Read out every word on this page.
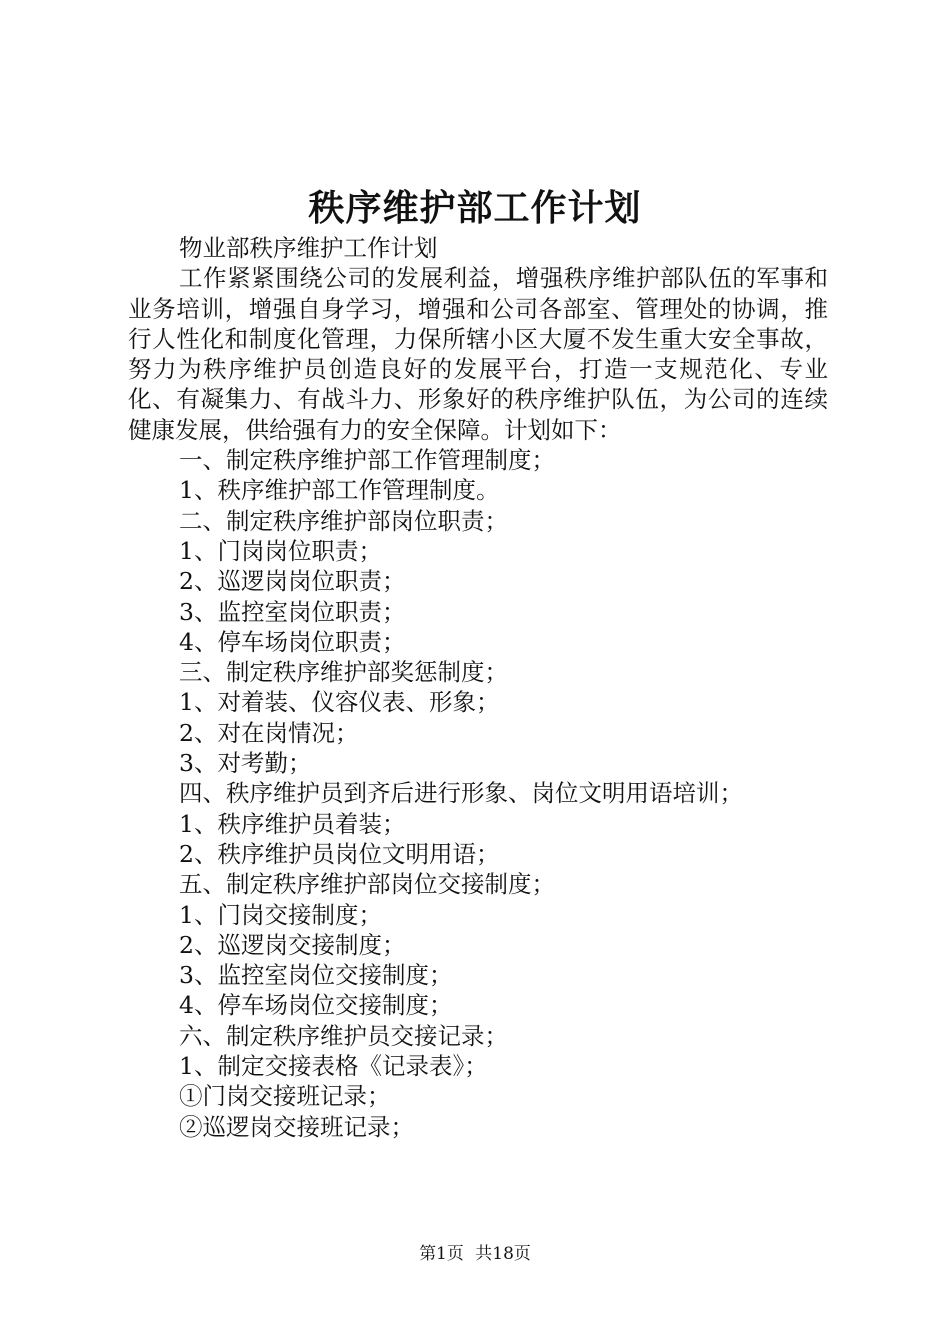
秩序维护部工作计划

物业部秩序维护工作计划

工作紧紧围绕公司的发展利益，增强秩序维护部队伍的军事和业务培训，增强自身学习，增强和公司各部室、管理处的协调，推行人性化和制度化管理，力保所辖小区大厦不发生重大安全事故，努力为秩序维护员创造良好的发展平台，打造一支规范化、专业化、有凝集力、有战斗力、形象好的秩序维护队伍，为公司的连续健康发展，供给强有力的安全保障。计划如下：

一、制定秩序维护部工作管理制度；

1、秩序维护部工作管理制度。

二、制定秩序维护部岗位职责；

1、门岗岗位职责；

2、巡逻岗岗位职责；

3、监控室岗位职责；

4、停车场岗位职责；

三、制定秩序维护部奖惩制度；

1、对着装、仪容仪表、形象；

2、对在岗情况；

3、对考勤；

四、秩序维护员到齐后进行形象、岗位文明用语培训；

1、秩序维护员着装；

2、秩序维护员岗位文明用语；

五、制定秩序维护部岗位交接制度；

1、门岗交接制度；

2、巡逻岗交接制度；

3、监控室岗位交接制度；

4、停车场岗位交接制度；

六、制定秩序维护员交接记录；

1、制定交接表格《记录表》；

①门岗交接班记录；

②巡逻岗交接班记录；

第1页 共18页
